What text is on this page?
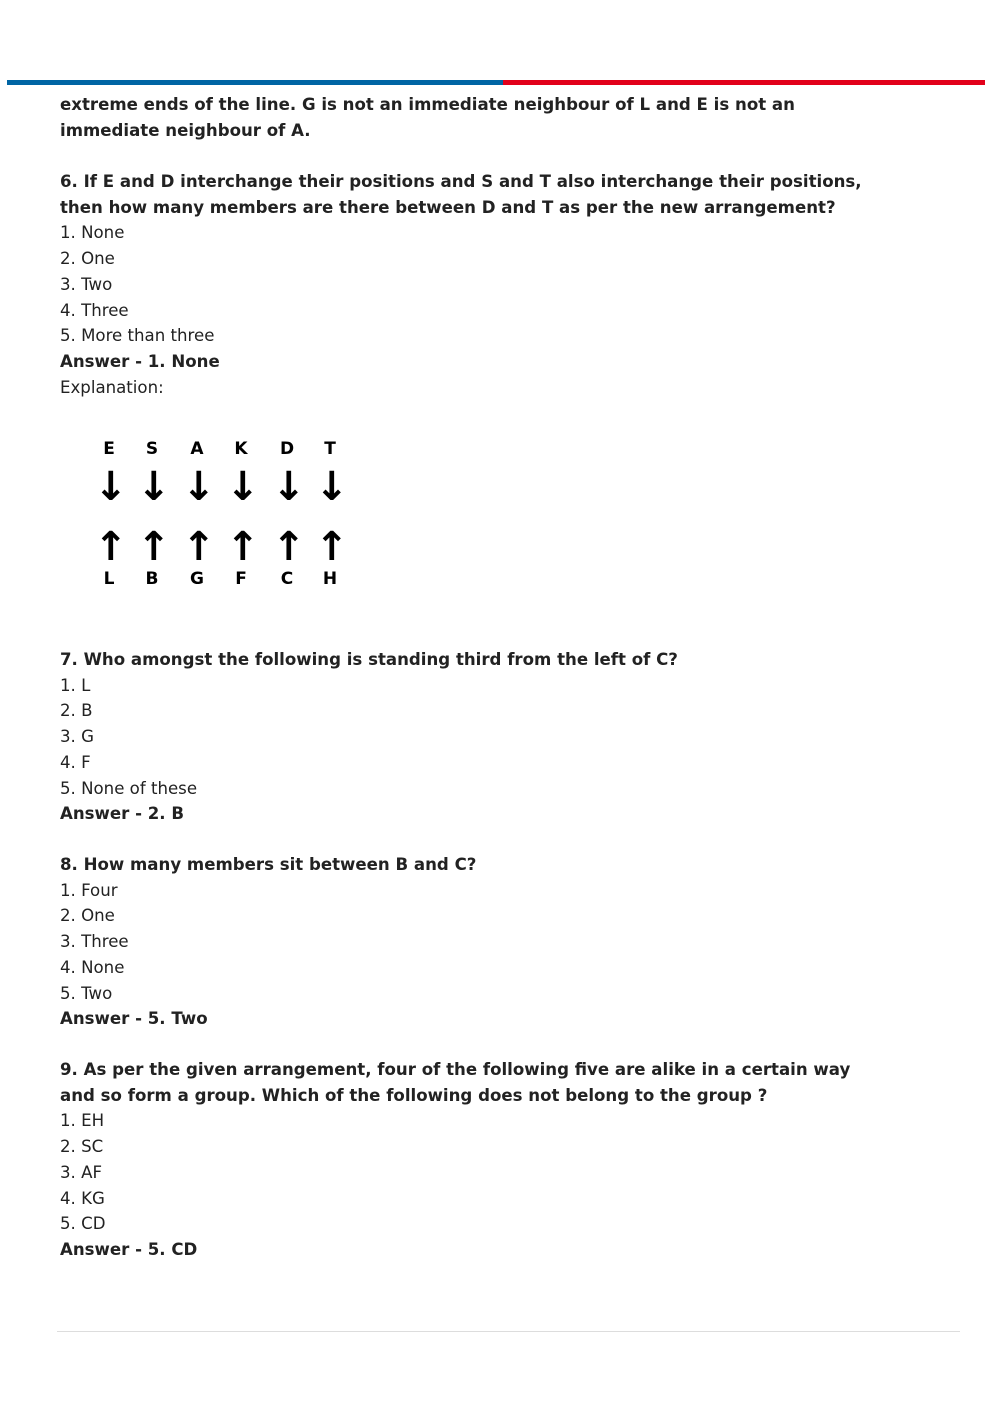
extreme ends of the line. G is not an immediate neighbour of L and E is not an
immediate neighbour of A.
6. If E and D interchange their positions and S and T also interchange their positions,
then how many members are there between D and T as per the new arrangement?
1. None
2. One
3. Two
4. Three
5. More than three
Answer - 1. None
Explanation:
E
↓
↑
L
S
↓
↑
B
A
↓
↑
G
K
↓
↑
F
D
↓
↑
C
T
↓
↑
H
7. Who amongst the following is standing third from the left of C?
1. L
2. B
3. G
4. F
5. None of these
Answer - 2. B
8. How many members sit between B and C?
1. Four
2. One
3. Three
4. None
5. Two
Answer - 5. Two
9. As per the given arrangement, four of the following five are alike in a certain way
and so form a group. Which of the following does not belong to the group ?
1. EH
2. SC
3. AF
4. KG
5. CD
Answer - 5. CD
